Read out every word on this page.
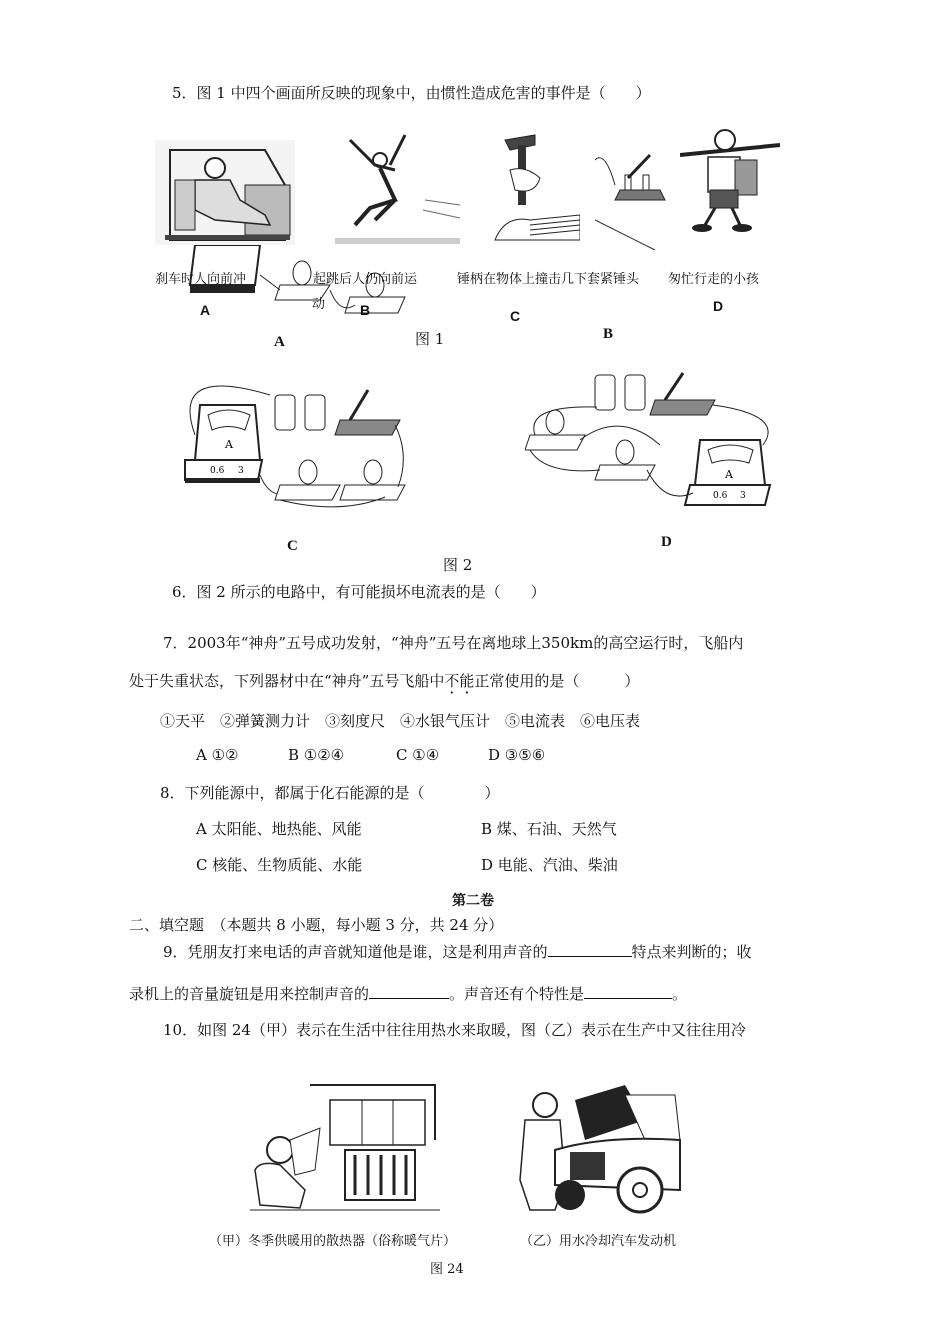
5．图 1 中四个画面所反映的现象中，由惯性造成危害的事件是（　　）
刹车时人向前冲	起跳后人仍向前运
动
锤柄在物体上撞击几下套紧锤头 匆忙行走的小孩
A	B	C
D
A	B
图 1
A
0.6 3	A
0.6 3
C	D
图 2
6．图 2 所示的电路中，有可能损坏电流表的是（　　）
7．2003年“神舟”五号成功发射，“神舟”五号在离地球上350km的高空运行时，飞船内
处于失重状态，下列器材中在“神舟”五号飞船中不能正常使用的是（　　　）
①天平　②弹簧测力计　③刻度尺　④水银气压计　⑤电流表　⑥电压表
A ①②	B ①②④	C ①④	D ③⑤⑥
8．下列能源中，都属于化石能源的是（　　　　）
A 太阳能、地热能、风能	B 煤、石油、天然气
C 核能、生物质能、水能	D 电能、汽油、柴油
第二卷
二、填空题　（本题共 8 小题，每小题 3 分，共 24 分）
9．凭朋友打来电话的声音就知道他是谁，这是利用声音的	特点来判断的；收
录机上的音量旋钮是用来控制声音的	。声音还有个特性是	。
10．如图 24（甲）表示在生活中往往用热水来取暖，图（乙）表示在生产中又往往用冷
（甲）冬季供暖用的散热器（俗称暖气片）	（乙）用水冷却汽车发动机
图 24
